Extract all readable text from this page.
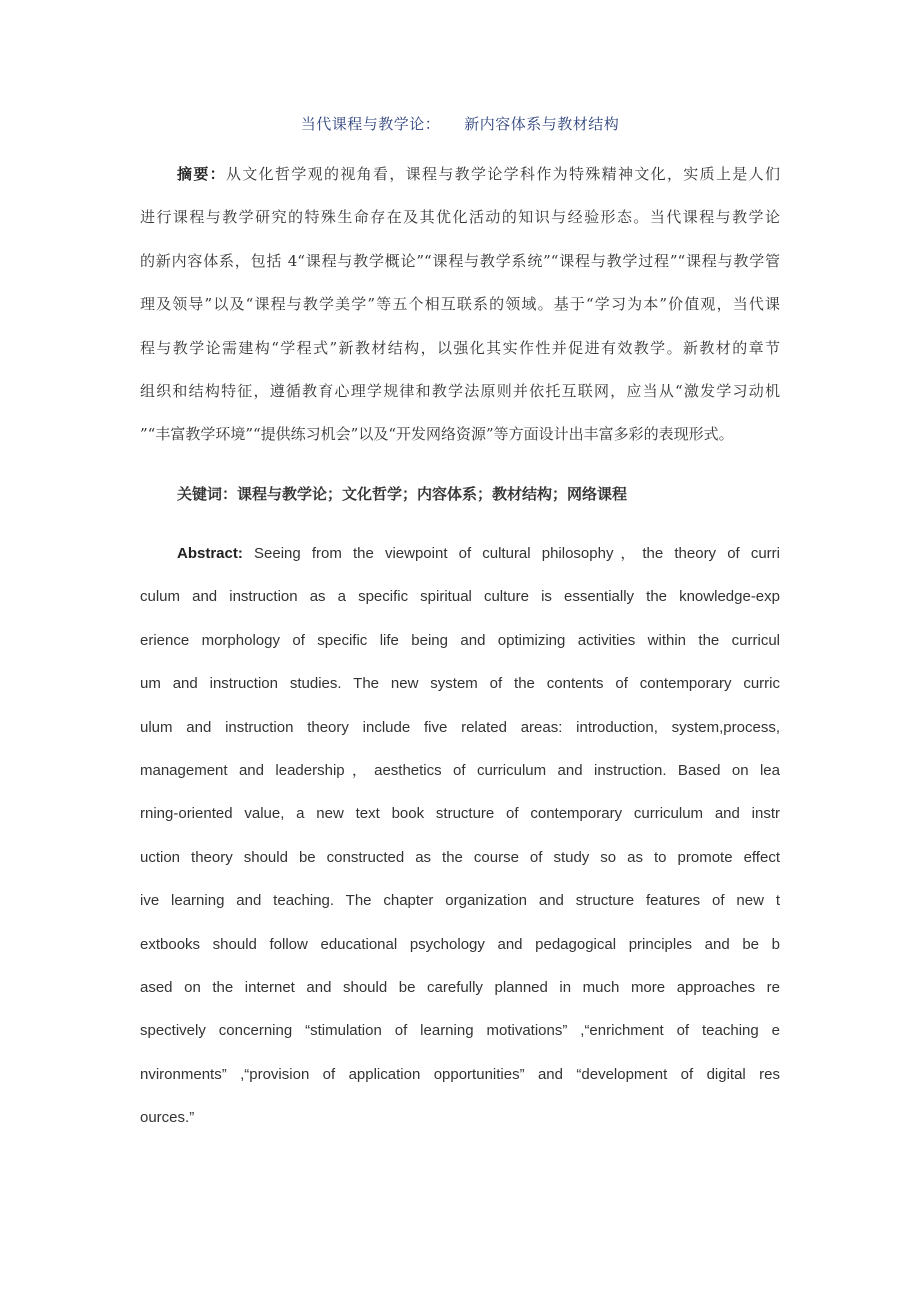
当代课程与教学论： 新内容体系与教材结构
摘要：从文化哲学观的视角看，课程与教学论学科作为特殊精神文化，实质上是人们
进行课程与教学研究的特殊生命存在及其优化活动的知识与经验形态。当代课程与教学论
的新内容体系，包括 4“课程与教学概论”“课程与教学系统”“课程与教学过程”“课程与教学管
理及领导”以及“课程与教学美学”等五个相互联系的领域。基于“学习为本”价值观，当代课
程与教学论需建构“学程式”新教材结构，以强化其实作性并促进有效教学。新教材的章节
组织和结构特征，遵循教育心理学规律和教学法原则并依托互联网，应当从“激发学习动机
”“丰富教学环境”“提供练习机会”以及“开发网络资源”等方面设计出丰富多彩的表现形式。
关键词：课程与教学论；文化哲学；内容体系；教材结构；网络课程
Abstract: Seeing from the viewpoint of cultural philosophy，the theory of curri
culum and instruction as a specific spiritual culture is essentially the knowledge-exp
erience morphology of specific life being and optimizing activities within the curricul
um and instruction studies. The new system of the contents of contemporary curric
ulum and instruction theory include five related areas: introduction, system,process,
management and leadership，aesthetics of curriculum and instruction. Based on lea
rning-oriented value, a new text book structure of contemporary curriculum and instr
uction theory should be constructed as the course of study so as to promote effect
ive learning and teaching. The chapter organization and structure features of new t
extbooks should follow educational psychology and pedagogical principles and be b
ased on the internet and should be carefully planned in much more approaches re
spectively concerning “stimulation of learning motivations” ,“enrichment of teaching e
nvironments” ,“provision of application opportunities” and “development of digital res
ources.”
